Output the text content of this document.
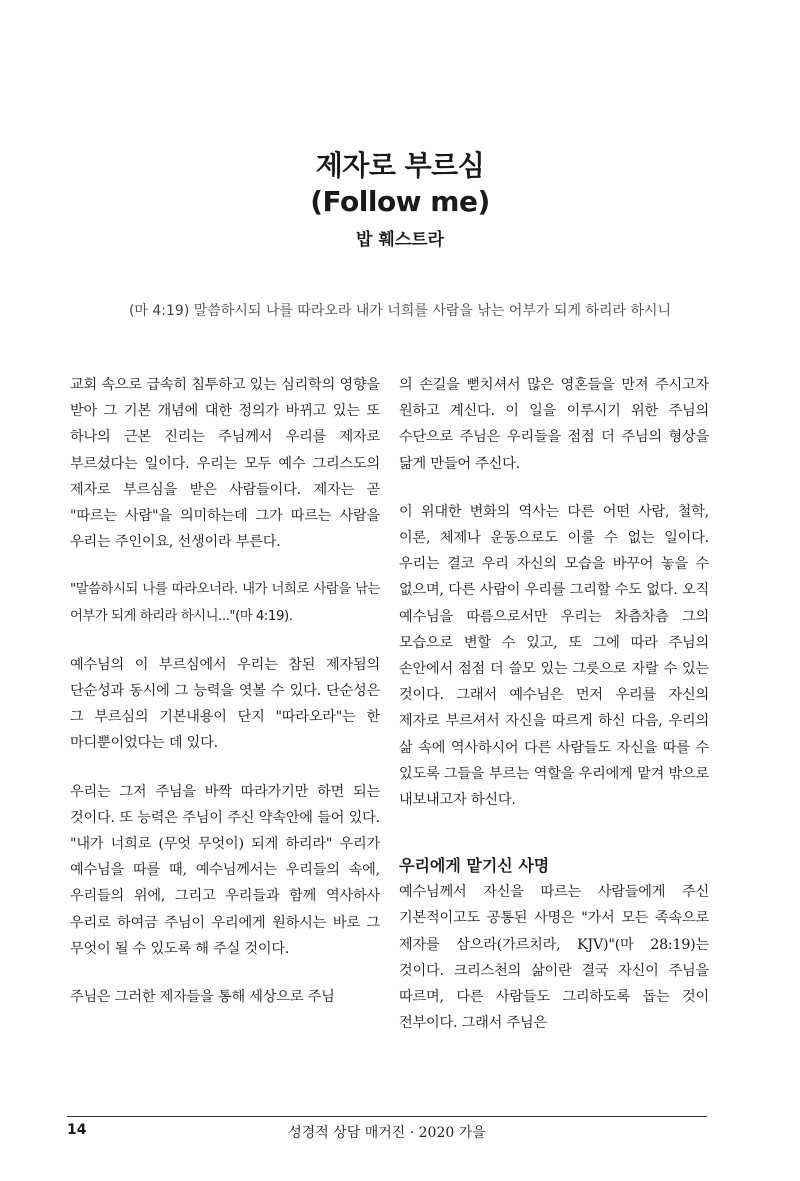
제자로 부르심
(Follow me)
밥 훼스트라
(마 4:19) 말씀하시되 나를 따라오라 내가 너희를 사람을 낚는 어부가 되게 하리라 하시니

교회 속으로 급속히 침투하고 있는 심리학의 영향을 받아 그 기본 개념에 대한 정의가 바뀌고 있는 또 하나의 근본 진리는 주님께서 우리를 제자로 부르셨다는 일이다. 우리는 모두 예수 그리스도의 제자로 부르심을 받은 사람들이다. 제자는 곧 "따르는 사람"을 의미하는데 그가 따르는 사람을 우리는 주인이요, 선생이라 부른다.

"말씀하시되 나를 따라오너라. 내가 너희로 사람을 낚는 어부가 되게 하리라 하시니..."(마 4:19).

예수님의 이 부르심에서 우리는 참된 제자됨의 단순성과 동시에 그 능력을 엿볼 수 있다. 단순성은 그 부르심의 기본내용이 단지 "따라오라"는 한 마디뿐이었다는 데 있다.

우리는 그저 주님을 바짝 따라가기만 하면 되는 것이다. 또 능력은 주님이 주신 약속안에 들어 있다. "내가 너희로 (무엇 무엇이) 되게 하리라" 우리가 예수님을 따를 때, 예수님께서는 우리들의 속에, 우리들의 위에, 그리고 우리들과 함께 역사하사 우리로 하여금 주님이 우리에게 원하시는 바로 그 무엇이 될 수 있도록 해 주실 것이다.

주님은 그러한 제자들을 통해 세상으로 주님

의 손길을 뻗치셔서 많은 영혼들을 만져 주시고자 원하고 계신다. 이 일을 이루시기 위한 주님의 수단으로 주님은 우리들을 점점 더 주님의 형상을 닮게 만들어 주신다.

이 위대한 변화의 역사는 다른 어떤 사람, 철학, 이론, 체제나 운동으로도 이룰 수 없는 일이다. 우리는 결코 우리 자신의 모습을 바꾸어 놓을 수 없으며, 다른 사람이 우리를 그리할 수도 없다. 오직 예수님을 따름으로서만 우리는 차츰차츰 그의 모습으로 변할 수 있고, 또 그에 따라 주님의 손안에서 점점 더 쓸모 있는 그릇으로 자랄 수 있는 것이다. 그래서 예수님은 먼저 우리를 자신의 제자로 부르셔서 자신을 따르게 하신 다음, 우리의 삶 속에 역사하시어 다른 사람들도 자신을 따를 수 있도록 그들을 부르는 역할을 우리에게 맡겨 밖으로 내보내고자 하신다.

우리에게 맡기신 사명

예수님께서 자신을 따르는 사람들에게 주신 기본적이고도 공통된 사명은 "가서 모든 족속으로 제자를 삼으라(가르치라, KJV)"(마 28:19)는 것이다. 크리스천의 삶이란 결국 자신이 주님을 따르며, 다른 사람들도 그리하도록 돕는 것이 전부이다. 그래서 주님은

성경적 상담 매거진 · 2020 가을
14
